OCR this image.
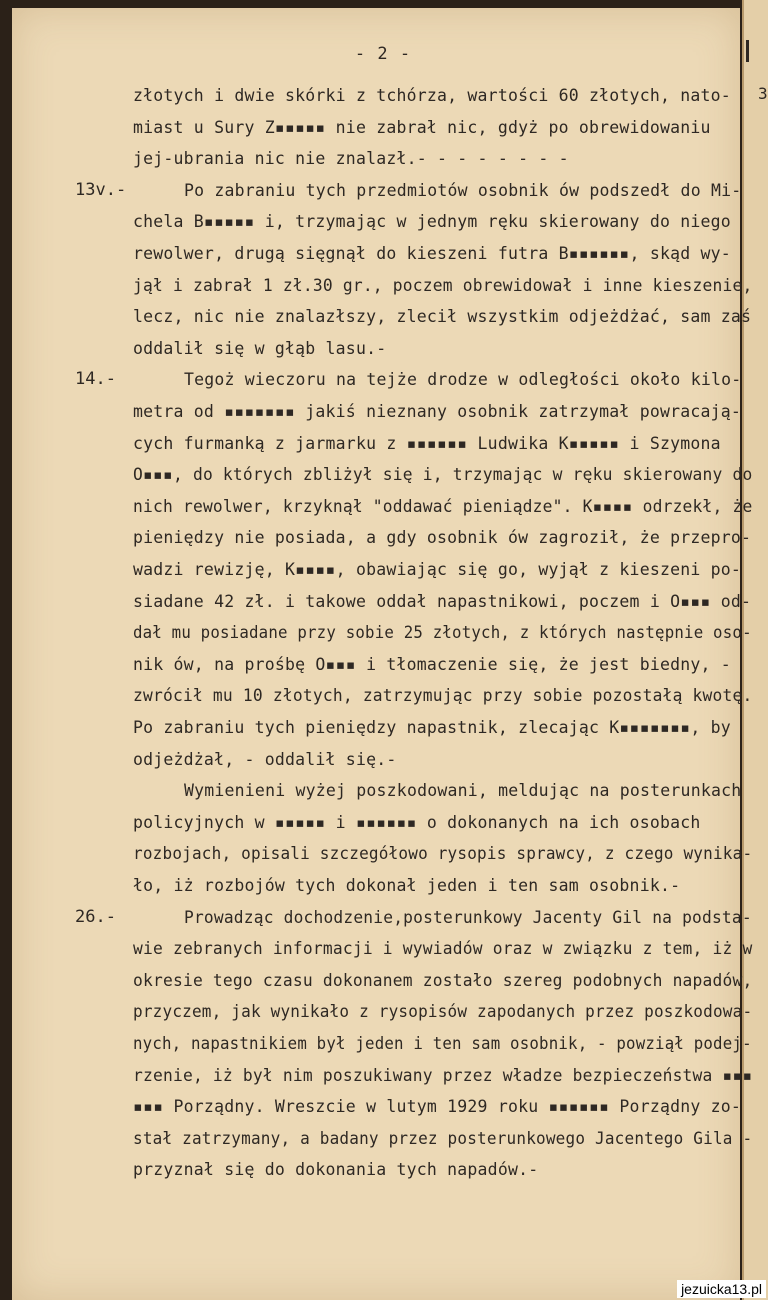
3
- 2 -
złotych i dwie skórki z tchórza, wartości 60 złotych, nato-
miast u Sury Z▪▪▪▪▪ nie zabrał nic, gdyż po obrewidowaniu
jej-ubrania nic nie znalazł.- - - - - - - -
13v.-	Po zabraniu tych przedmiotów osobnik ów podszedł do Mi-
chela B▪▪▪▪▪ i, trzymając w jednym ręku skierowany do niego
rewolwer, drugą sięgnął do kieszeni futra B▪▪▪▪▪▪, skąd wy-
jął i zabrał 1 zł.30 gr., poczem obrewidował i inne kieszenie,
lecz, nic nie znalazłszy, zlecił wszystkim odjeżdżać, sam zaś
oddalił się w głąb lasu.-
14.-	Tegoż wieczoru na tejże drodze w odległości około kilo-
metra od ▪▪▪▪▪▪▪ jakiś nieznany osobnik zatrzymał powracają-
cych furmanką z jarmarku z ▪▪▪▪▪▪ Ludwika K▪▪▪▪▪ i Szymona
O▪▪▪, do których zbliżył się i, trzymając w ręku skierowany do
nich rewolwer, krzyknął "oddawać pieniądze". K▪▪▪▪ odrzekł, że
pieniędzy nie posiada, a gdy osobnik ów zagroził, że przepro-
wadzi rewizję, K▪▪▪▪, obawiając się go, wyjął z kieszeni po-
siadane 42 zł. i takowe oddał napastnikowi, poczem i O▪▪▪ od-
dał mu posiadane przy sobie 25 złotych, z których następnie oso-
nik ów, na prośbę O▪▪▪ i tłomaczenie się, że jest biedny, -
zwrócił mu 10 złotych, zatrzymując przy sobie pozostałą kwotę.
Po zabraniu tych pieniędzy napastnik, zlecając K▪▪▪▪▪▪▪, by
odjeżdżał, - oddalił się.-
Wymienieni wyżej poszkodowani, meldując na posterunkach
policyjnych w ▪▪▪▪▪ i ▪▪▪▪▪▪ o dokonanych na ich osobach
rozbojach, opisali szczegółowo rysopis sprawcy, z czego wynika-
ło, iż rozbojów tych dokonał jeden i ten sam osobnik.-
26.-	Prowadząc dochodzenie,posterunkowy Jacenty Gil na podsta-
wie zebranych informacji i wywiadów oraz w związku z tem, iż w
okresie tego czasu dokonanem zostało szereg podobnych napadów,
przyczem, jak wynikało z rysopisów zapodanych przez poszkodowa-
nych, napastnikiem był jeden i ten sam osobnik, - powziął podej-
rzenie, iż był nim poszukiwany przez władze bezpieczeństwa ▪▪▪
▪▪▪ Porządny. Wreszcie w lutym 1929 roku ▪▪▪▪▪▪ Porządny zo-
stał zatrzymany, a badany przez posterunkowego Jacentego Gila -
przyznał się do dokonania tych napadów.-
jezuicka13.pl
